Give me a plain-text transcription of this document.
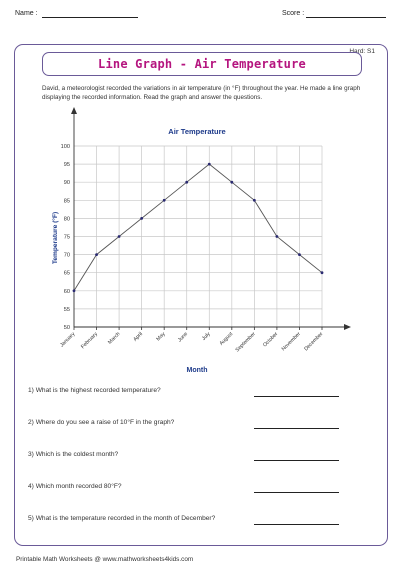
Name :	Score :
Hard: S1
Line Graph - Air Temperature
David, a meteorologist recorded the variations in air temperature (in °F) throughout the year. He made a line graph displaying the recorded information. Read the graph and answer the questions.
Air Temperature
100
95
90
85
80
75
70
65
60
55
50
January February March April May June July August September October November December
Month
Temperature (°F)
1) What is the highest recorded temperature?
2) Where do you see a raise of 10°F in the graph?
3) Which is the coldest month?
4) Which month recorded 80°F?
5) What is the temperature recorded in the month of December?
Printable Math Worksheets @ www.mathworksheets4kids.com
